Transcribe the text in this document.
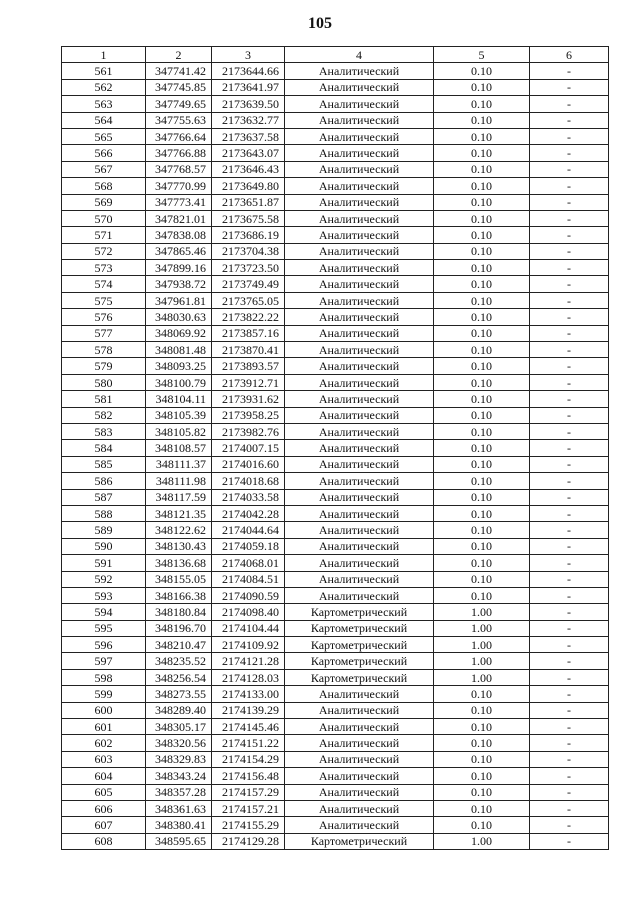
105
1	2	3	4	5	6
561	347741.42	2173644.66	Аналитический	0.10	-
562	347745.85	2173641.97	Аналитический	0.10	-
563	347749.65	2173639.50	Аналитический	0.10	-
564	347755.63	2173632.77	Аналитический	0.10	-
565	347766.64	2173637.58	Аналитический	0.10	-
566	347766.88	2173643.07	Аналитический	0.10	-
567	347768.57	2173646.43	Аналитический	0.10	-
568	347770.99	2173649.80	Аналитический	0.10	-
569	347773.41	2173651.87	Аналитический	0.10	-
570	347821.01	2173675.58	Аналитический	0.10	-
571	347838.08	2173686.19	Аналитический	0.10	-
572	347865.46	2173704.38	Аналитический	0.10	-
573	347899.16	2173723.50	Аналитический	0.10	-
574	347938.72	2173749.49	Аналитический	0.10	-
575	347961.81	2173765.05	Аналитический	0.10	-
576	348030.63	2173822.22	Аналитический	0.10	-
577	348069.92	2173857.16	Аналитический	0.10	-
578	348081.48	2173870.41	Аналитический	0.10	-
579	348093.25	2173893.57	Аналитический	0.10	-
580	348100.79	2173912.71	Аналитический	0.10	-
581	348104.11	2173931.62	Аналитический	0.10	-
582	348105.39	2173958.25	Аналитический	0.10	-
583	348105.82	2173982.76	Аналитический	0.10	-
584	348108.57	2174007.15	Аналитический	0.10	-
585	348111.37	2174016.60	Аналитический	0.10	-
586	348111.98	2174018.68	Аналитический	0.10	-
587	348117.59	2174033.58	Аналитический	0.10	-
588	348121.35	2174042.28	Аналитический	0.10	-
589	348122.62	2174044.64	Аналитический	0.10	-
590	348130.43	2174059.18	Аналитический	0.10	-
591	348136.68	2174068.01	Аналитический	0.10	-
592	348155.05	2174084.51	Аналитический	0.10	-
593	348166.38	2174090.59	Аналитический	0.10	-
594	348180.84	2174098.40	Картометрический	1.00	-
595	348196.70	2174104.44	Картометрический	1.00	-
596	348210.47	2174109.92	Картометрический	1.00	-
597	348235.52	2174121.28	Картометрический	1.00	-
598	348256.54	2174128.03	Картометрический	1.00	-
599	348273.55	2174133.00	Аналитический	0.10	-
600	348289.40	2174139.29	Аналитический	0.10	-
601	348305.17	2174145.46	Аналитический	0.10	-
602	348320.56	2174151.22	Аналитический	0.10	-
603	348329.83	2174154.29	Аналитический	0.10	-
604	348343.24	2174156.48	Аналитический	0.10	-
605	348357.28	2174157.29	Аналитический	0.10	-
606	348361.63	2174157.21	Аналитический	0.10	-
607	348380.41	2174155.29	Аналитический	0.10	-
608	348595.65	2174129.28	Картометрический	1.00	-
